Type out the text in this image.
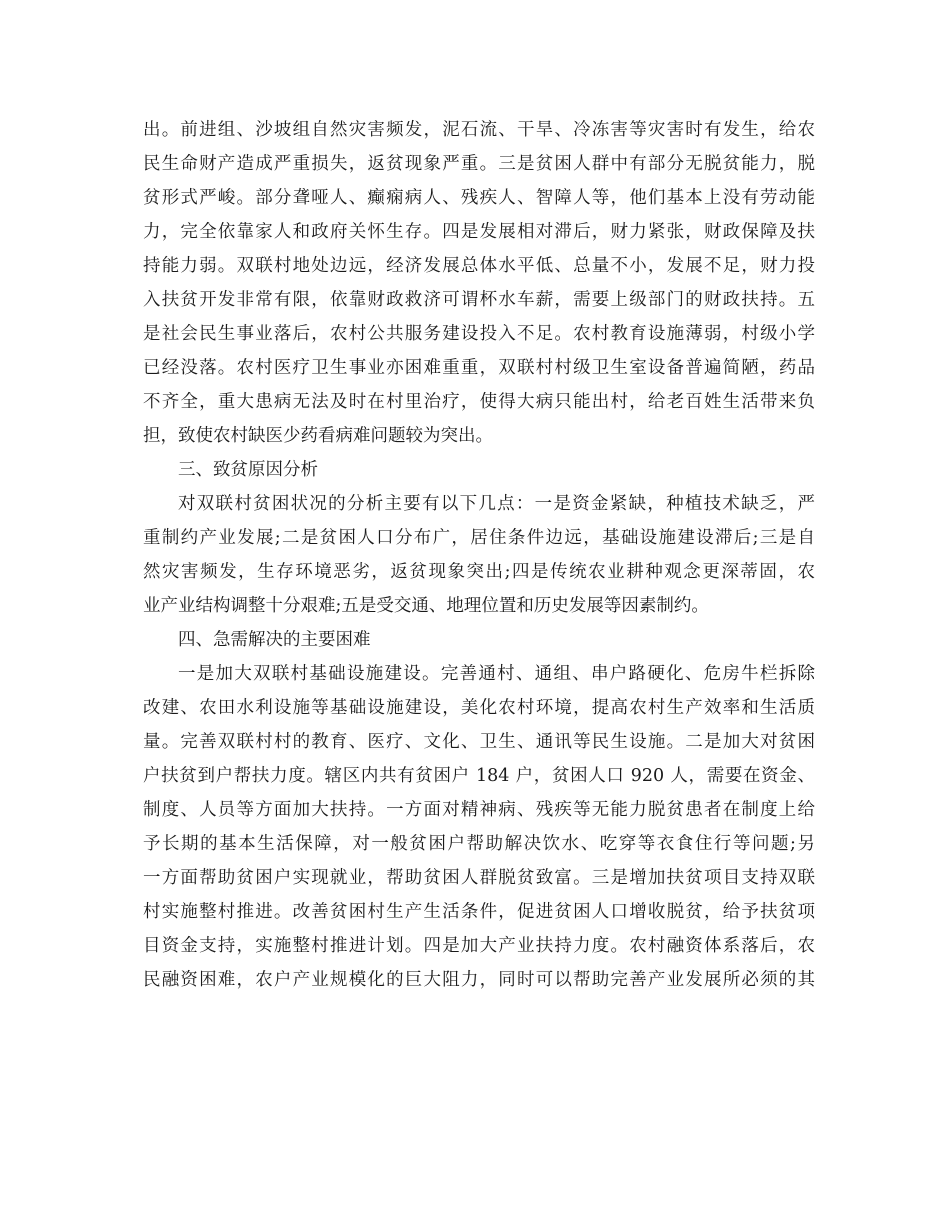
出。前进组、沙坡组自然灾害频发，泥石流、干旱、冷冻害等灾害时有发生，给农
民生命财产造成严重损失，返贫现象严重。三是贫困人群中有部分无脱贫能力，脱
贫形式严峻。部分聋哑人、癫痫病人、残疾人、智障人等，他们基本上没有劳动能
力，完全依靠家人和政府关怀生存。四是发展相对滞后，财力紧张，财政保障及扶
持能力弱。双联村地处边远，经济发展总体水平低、总量不小，发展不足，财力投
入扶贫开发非常有限，依靠财政救济可谓杯水车薪，需要上级部门的财政扶持。五
是社会民生事业落后，农村公共服务建设投入不足。农村教育设施薄弱，村级小学
已经没落。农村医疗卫生事业亦困难重重，双联村村级卫生室设备普遍简陋，药品
不齐全，重大患病无法及时在村里治疗，使得大病只能出村，给老百姓生活带来负
担，致使农村缺医少药看病难问题较为突出。
三、致贫原因分析
对双联村贫困状况的分析主要有以下几点：一是资金紧缺，种植技术缺乏，严
重制约产业发展;二是贫困人口分布广，居住条件边远，基础设施建设滞后;三是自
然灾害频发，生存环境恶劣，返贫现象突出;四是传统农业耕种观念更深蒂固，农
业产业结构调整十分艰难;五是受交通、地理位置和历史发展等因素制约。
四、急需解决的主要困难
一是加大双联村基础设施建设。完善通村、通组、串户路硬化、危房牛栏拆除
改建、农田水利设施等基础设施建设，美化农村环境，提高农村生产效率和生活质
量。完善双联村村的教育、医疗、文化、卫生、通讯等民生设施。二是加大对贫困
户扶贫到户帮扶力度。辖区内共有贫困户 184 户，贫困人口 920 人，需要在资金、
制度、人员等方面加大扶持。一方面对精神病、残疾等无能力脱贫患者在制度上给
予长期的基本生活保障，对一般贫困户帮助解决饮水、吃穿等衣食住行等问题;另
一方面帮助贫困户实现就业，帮助贫困人群脱贫致富。三是增加扶贫项目支持双联
村实施整村推进。改善贫困村生产生活条件，促进贫困人口增收脱贫，给予扶贫项
目资金支持，实施整村推进计划。四是加大产业扶持力度。农村融资体系落后，农
民融资困难，农户产业规模化的巨大阻力，同时可以帮助完善产业发展所必须的其
